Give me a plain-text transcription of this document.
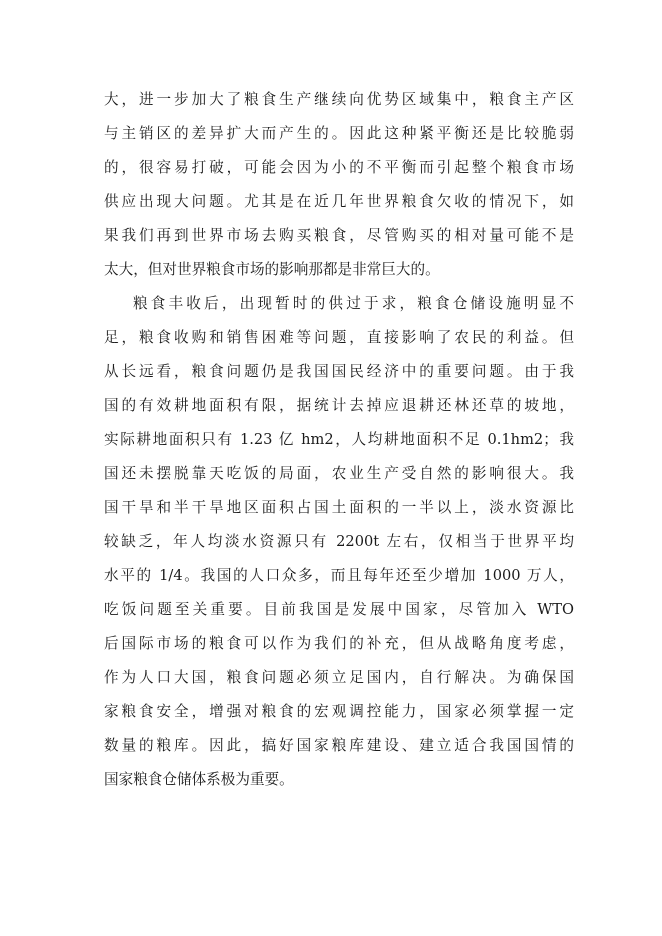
大，进一步加大了粮食生产继续向优势区域集中，粮食主产区
与主销区的差异扩大而产生的。因此这种紧平衡还是比较脆弱
的，很容易打破，可能会因为小的不平衡而引起整个粮食市场
供应出现大问题。尤其是在近几年世界粮食欠收的情况下，如
果我们再到世界市场去购买粮食，尽管购买的相对量可能不是
太大，但对世界粮食市场的影响那都是非常巨大的。
粮食丰收后，出现暂时的供过于求，粮食仓储设施明显不
足，粮食收购和销售困难等问题，直接影响了农民的利益。但
从长远看，粮食问题仍是我国国民经济中的重要问题。由于我
国的有效耕地面积有限，据统计去掉应退耕还林还草的坡地，
实际耕地面积只有 1.23 亿 hm2，人均耕地面积不足 0.1hm2；我
国还未摆脱靠天吃饭的局面，农业生产受自然的影响很大。我
国干旱和半干旱地区面积占国土面积的一半以上，淡水资源比
较缺乏，年人均淡水资源只有 2200t 左右，仅相当于世界平均
水平的 1/4。我国的人口众多，而且每年还至少增加 1000 万人，
吃饭问题至关重要。目前我国是发展中国家，尽管加入 WTO
后国际市场的粮食可以作为我们的补充，但从战略角度考虑，
作为人口大国，粮食问题必须立足国内，自行解决。为确保国
家粮食安全，增强对粮食的宏观调控能力，国家必须掌握一定
数量的粮库。因此，搞好国家粮库建设、建立适合我国国情的
国家粮食仓储体系极为重要。
